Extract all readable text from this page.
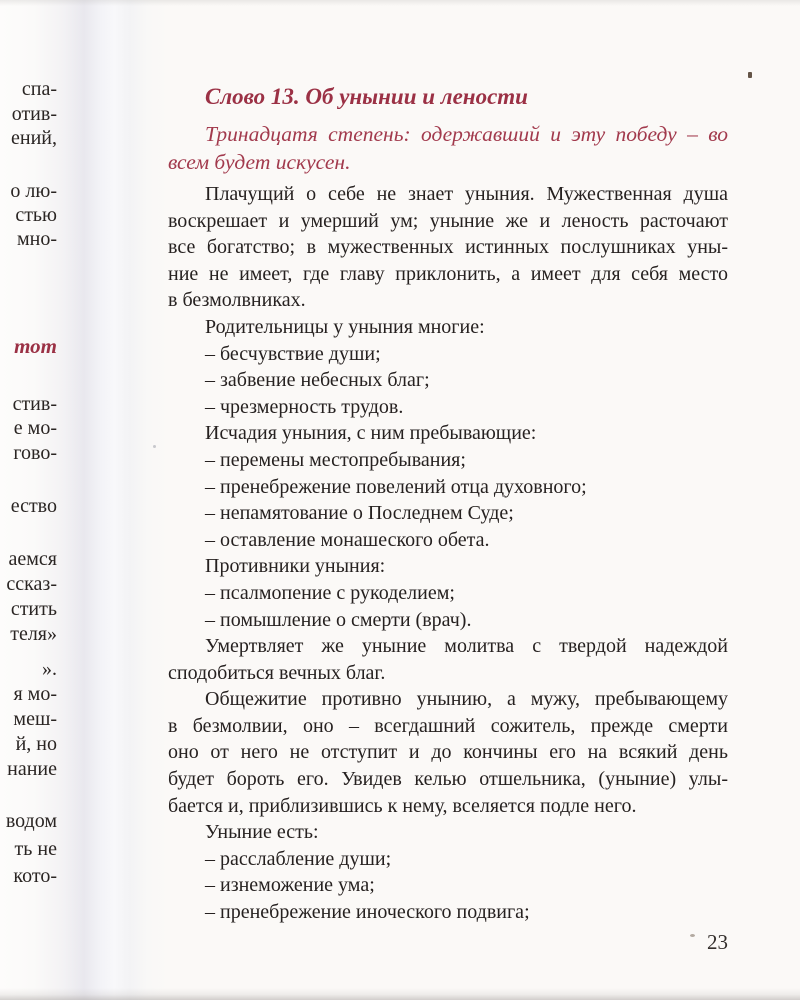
спа-
отив-
ений,
о лю-
стью
мно-
тот
стив-
е мо-
гово-
ество
аемся
ссказ-
стить
теля»
».
я мо-
меш-
й, но
нание
водом
ть не
кото-
Слово 13. Об унынии и лености
Тринадцатя степень: одержавший и эту победу – во
всем будет искусен.
Плачущий о себе не знает уныния. Мужественная душа
воскрешает и умерший ум; уныние же и леность расточают
все богатство; в мужественных истинных послушниках уны-
ние не имеет, где главу приклонить, а имеет для себя место
в безмолвниках.
Родительницы у уныния многие:
– бесчувствие души;
– забвение небесных благ;
– чрезмерность трудов.
Исчадия уныния, с ним пребывающие:
– перемены местопребывания;
– пренебрежение повелений отца духовного;
– непамятование о Последнем Суде;
– оставление монашеского обета.
Противники уныния:
– псалмопение с рукоделием;
– помышление о смерти (врач).
Умертвляет же уныние молитва с твердой надеждой
сподобиться вечных благ.
Общежитие противно унынию, а мужу, пребывающему
в безмолвии, оно – всегдашний сожитель, прежде смерти
оно от него не отступит и до кончины его на всякий день
будет бороть его. Увидев келью отшельника, (уныние) улы-
бается и, приблизившись к нему, вселяется подле него.
Уныние есть:
– расслабление души;
– изнеможение ума;
– пренебрежение иноческого подвига;
23
